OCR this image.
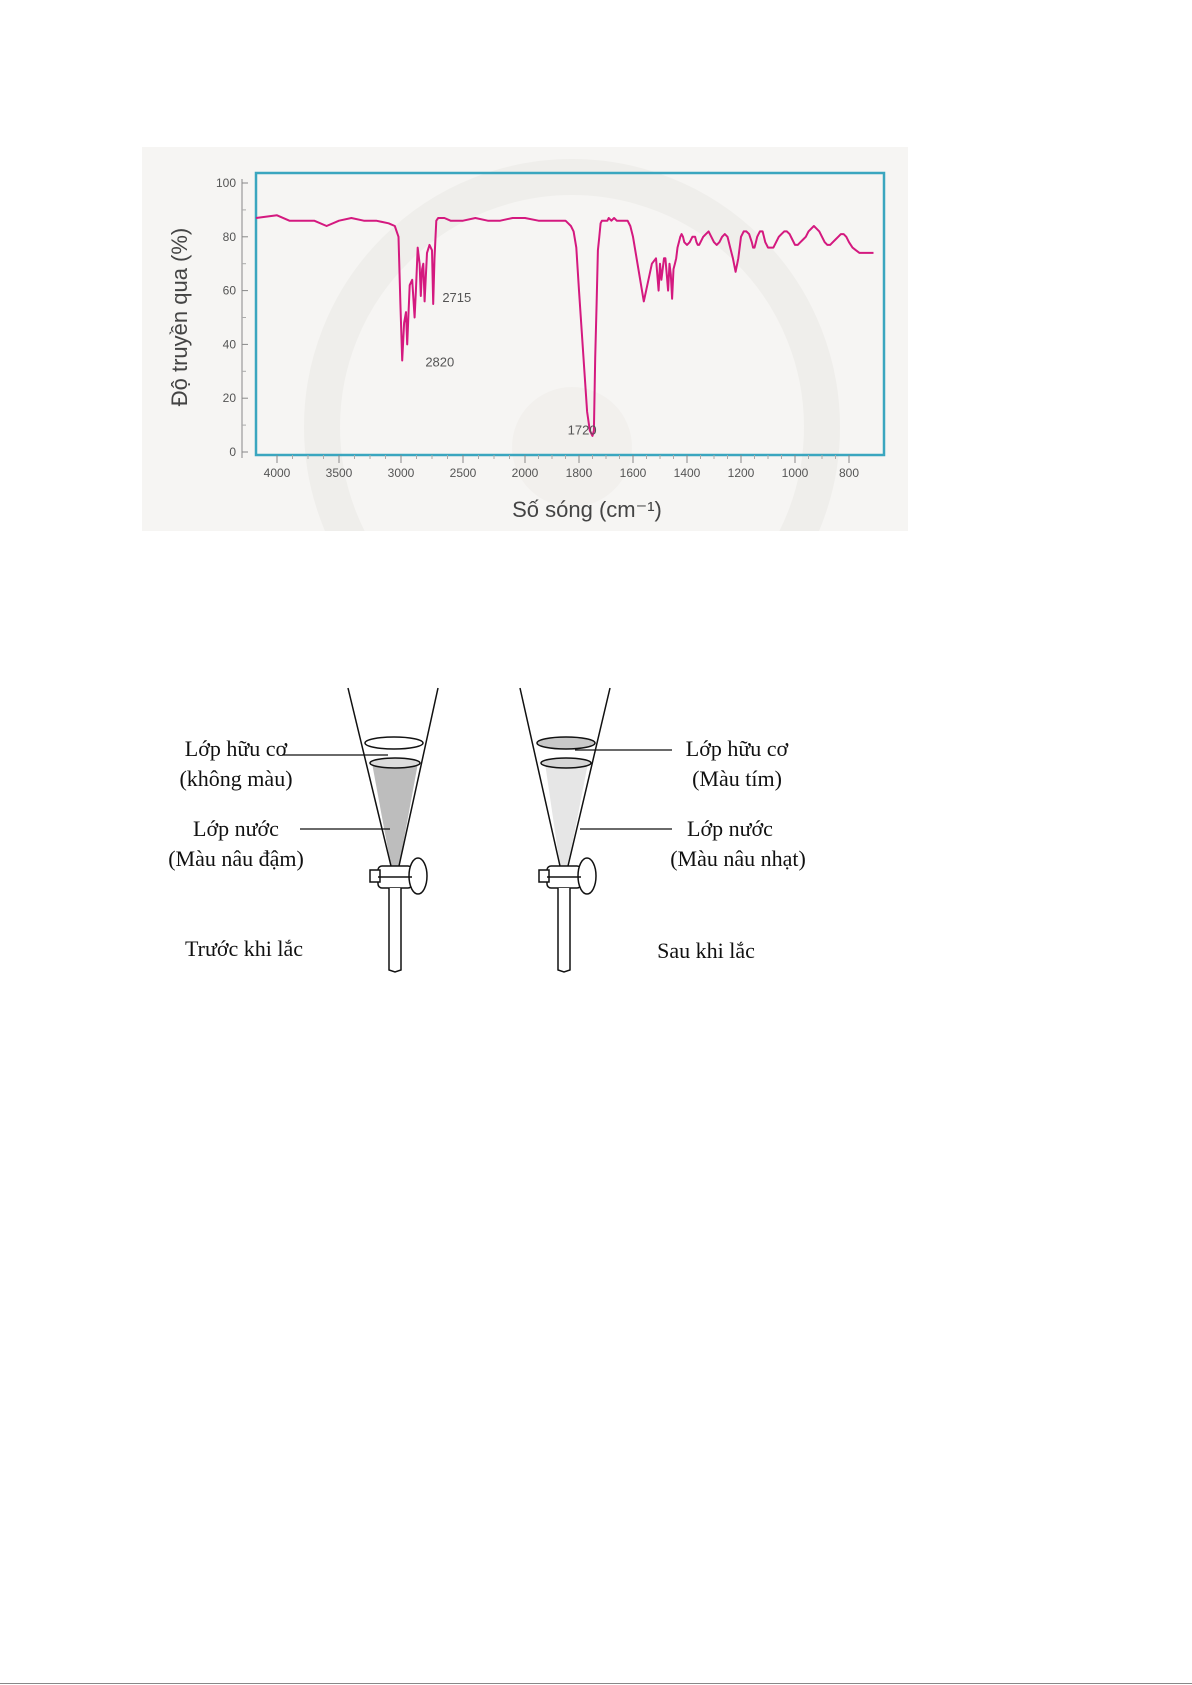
0
20
40
60
80
100
4000	3500	3000	2500	2000 1800 1600 1400 1200 1000	800
2820
2715
1720
Độ truyền qua (%)
Số sóng (cm⁻¹)
Lớp hữu cơ
(không màu)
Lớp nước
(Màu nâu đậm)
Trước khi lắc
Lớp hữu cơ
(Màu tím)
Lớp nước
(Màu nâu nhạt)
Sau khi lắc
